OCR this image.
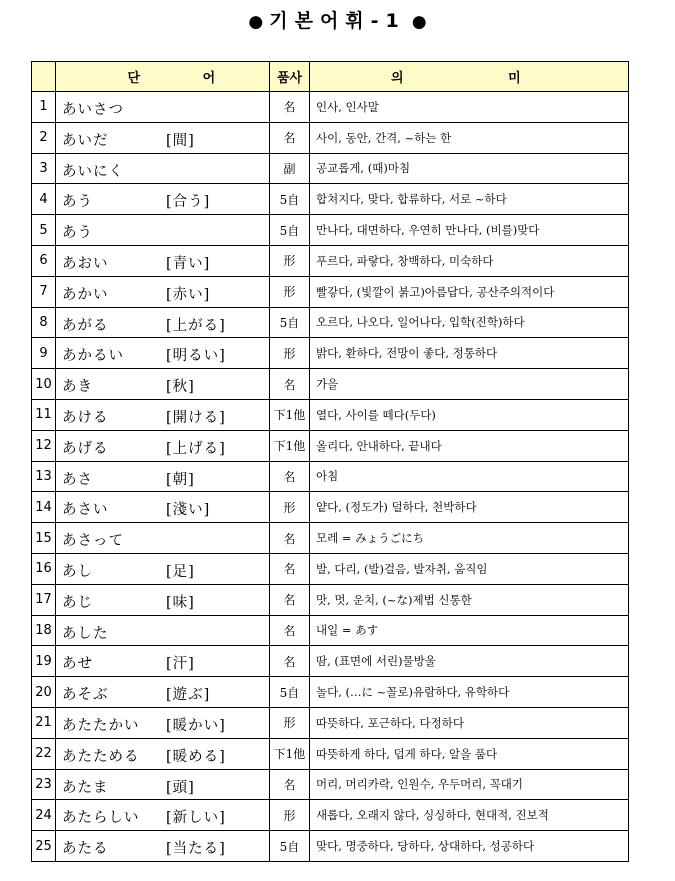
● 기본어휘-1 ●
	단 어	품사	의 미
1	あいさつ	名	인사, 인사말
2	あいだ [間]	名	사이, 동안, 간격, ~하는 한
3	あいにく	副	공교롭게, (때)마침
4	あう [合う]	5自	합쳐지다, 맞다, 합류하다, 서로 ~하다
5	あう	5自	만나다, 대면하다, 우연히 만나다, (비를)맞다
6	あおい [青い]	形	푸르다, 파랗다, 창백하다, 미숙하다
7	あかい [赤い]	形	빨갛다, (빛깔이 붉고)아름답다, 공산주의적이다
8	あがる [上がる]	5自	오르다, 나오다, 일어나다, 입학(진학)하다
9	あかるい [明るい]	形	밝다, 환하다, 전망이 좋다, 정통하다
10	あき [秋]	名	가을
11	あける [開ける]	下1他	열다, 사이를 떼다(두다)
12	あげる [上げる]	下1他	올리다, 안내하다, 끝내다
13	あさ [朝]	名	아침
14	あさい [淺い]	形	얕다, (정도가) 덜하다, 천박하다
15	あさって	名	모레 = みょうごにち
16	あし [足]	名	발, 다리, (발)걸음, 발자취, 움직임
17	あじ [味]	名	맛, 멋, 운치, (~な)제법 신통한
18	あした	名	내일 = あす
19	あせ [汗]	名	땀, (표면에 서린)물방울
20	あそぶ [遊ぶ]	5自	놀다, (…に ~꼴로)유람하다, 유학하다
21	あたたかい [暖かい]	形	따뜻하다, 포근하다, 다정하다
22	あたためる [暖める]	下1他	따뜻하게 하다, 덥게 하다, 알을 품다
23	あたま [頭]	名	머리, 머리카락, 인원수, 우두머리, 꼭대기
24	あたらしい [新しい]	形	새롭다, 오래지 않다, 싱싱하다, 현대적, 진보적
25	あたる [当たる]	5自	맞다, 명중하다, 당하다, 상대하다, 성공하다
